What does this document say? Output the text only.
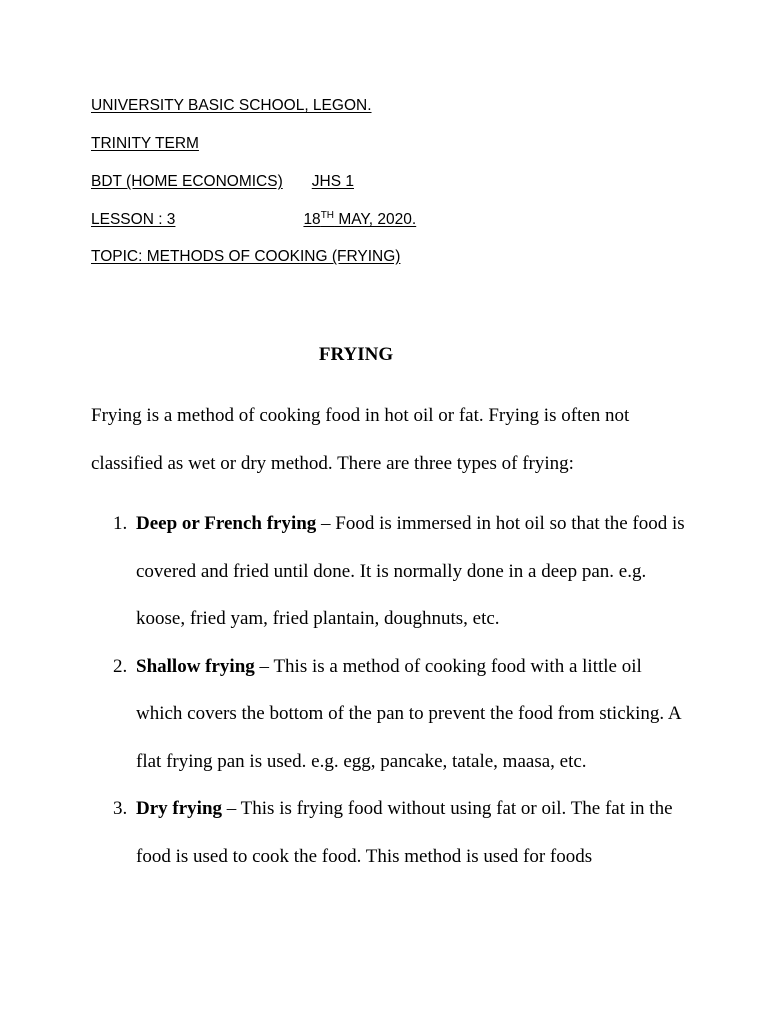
UNIVERSITY BASIC SCHOOL, LEGON.
TRINITY TERM
BDT (HOME ECONOMICS) JHS 1
LESSON : 3	18TH MAY, 2020.
TOPIC: METHODS OF COOKING (FRYING)
FRYING
Frying is a method of cooking food in hot oil or fat. Frying is often not classified as wet or dry method. There are three types of frying:
1. Deep or French frying – Food is immersed in hot oil so that the food is covered and fried until done. It is normally done in a deep pan. e.g. koose, fried yam, fried plantain, doughnuts, etc.
2. Shallow frying – This is a method of cooking food with a little oil which covers the bottom of the pan to prevent the food from sticking. A flat frying pan is used. e.g. egg, pancake, tatale, maasa, etc.
3. Dry frying – This is frying food without using fat or oil. The fat in the food is used to cook the food. This method is used for foods
